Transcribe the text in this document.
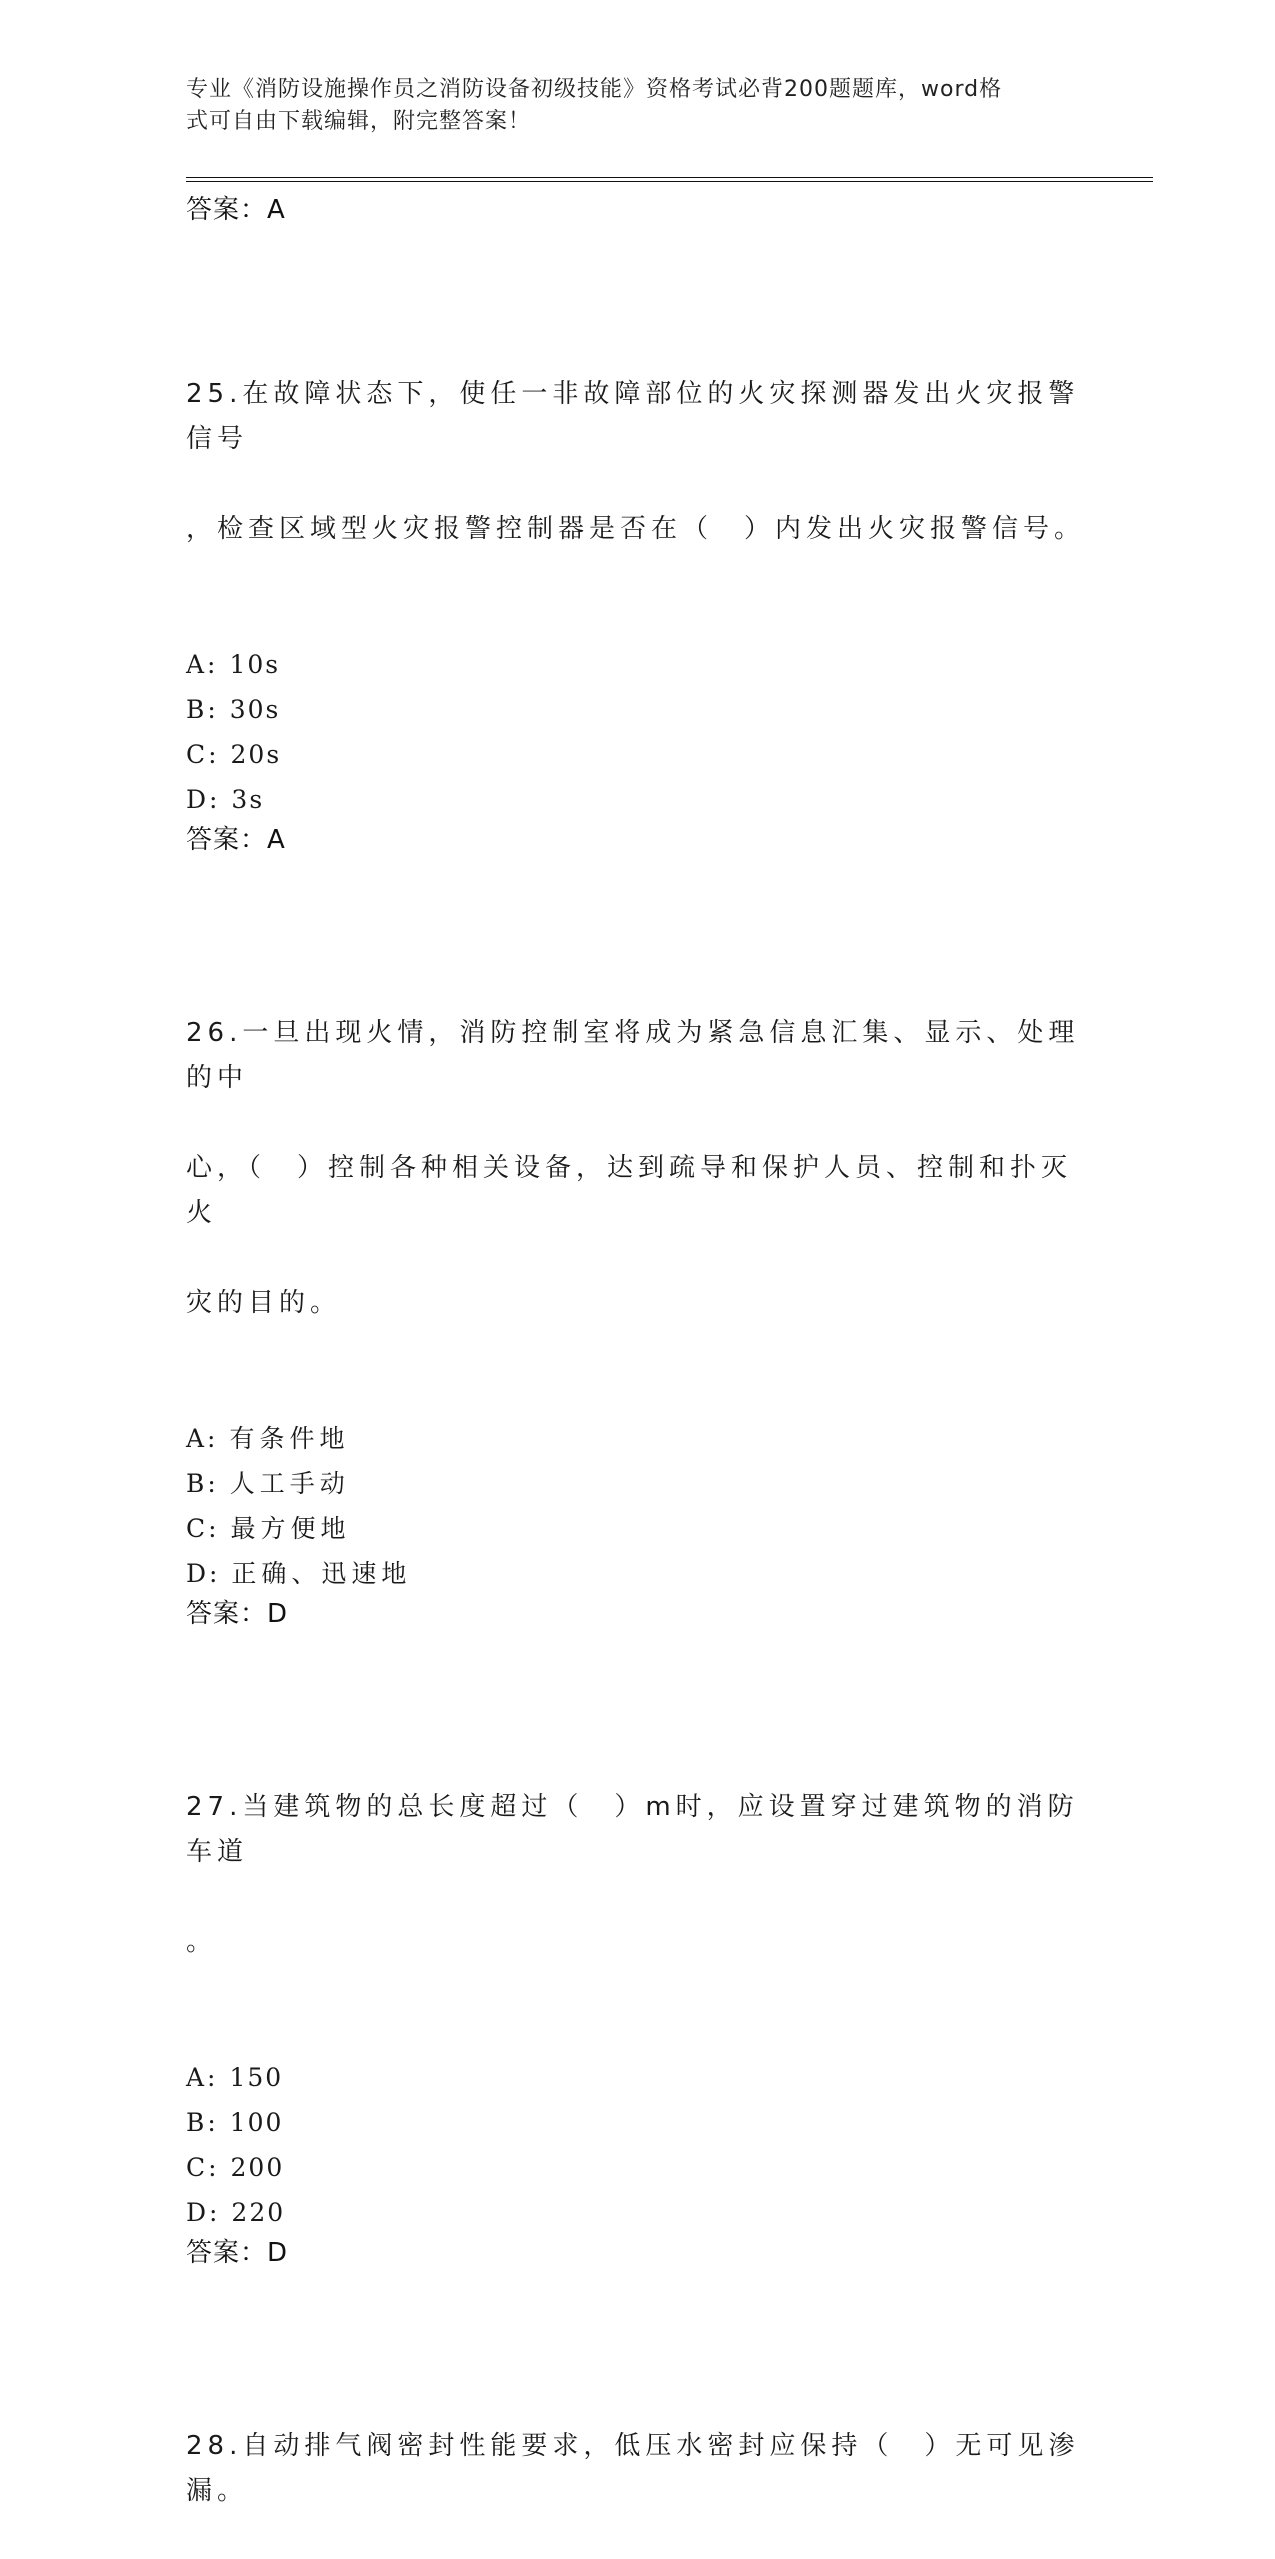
专业《消防设施操作员之消防设备初级技能》资格考试必背200题题库，word格
式可自由下载编辑，附完整答案！
答案：A

25.在故障状态下，使任一非故障部位的火灾探测器发出火灾报警信号

，检查区域型火灾报警控制器是否在（　）内发出火灾报警信号。

A: 10s
B: 30s
C: 20s
D: 3s
答案：A

26.一旦出现火情，消防控制室将成为紧急信息汇集、显示、处理的中

心，（　）控制各种相关设备，达到疏导和保护人员、控制和扑灭火

灾的目的。

A: 有条件地
B: 人工手动
C: 最方便地
D: 正确、迅速地
答案：D

27.当建筑物的总长度超过（　）m时，应设置穿过建筑物的消防车道

。

A: 150
B: 100
C: 200
D: 220
答案：D

28.自动排气阀密封性能要求，低压水密封应保持（　）无可见渗漏。
